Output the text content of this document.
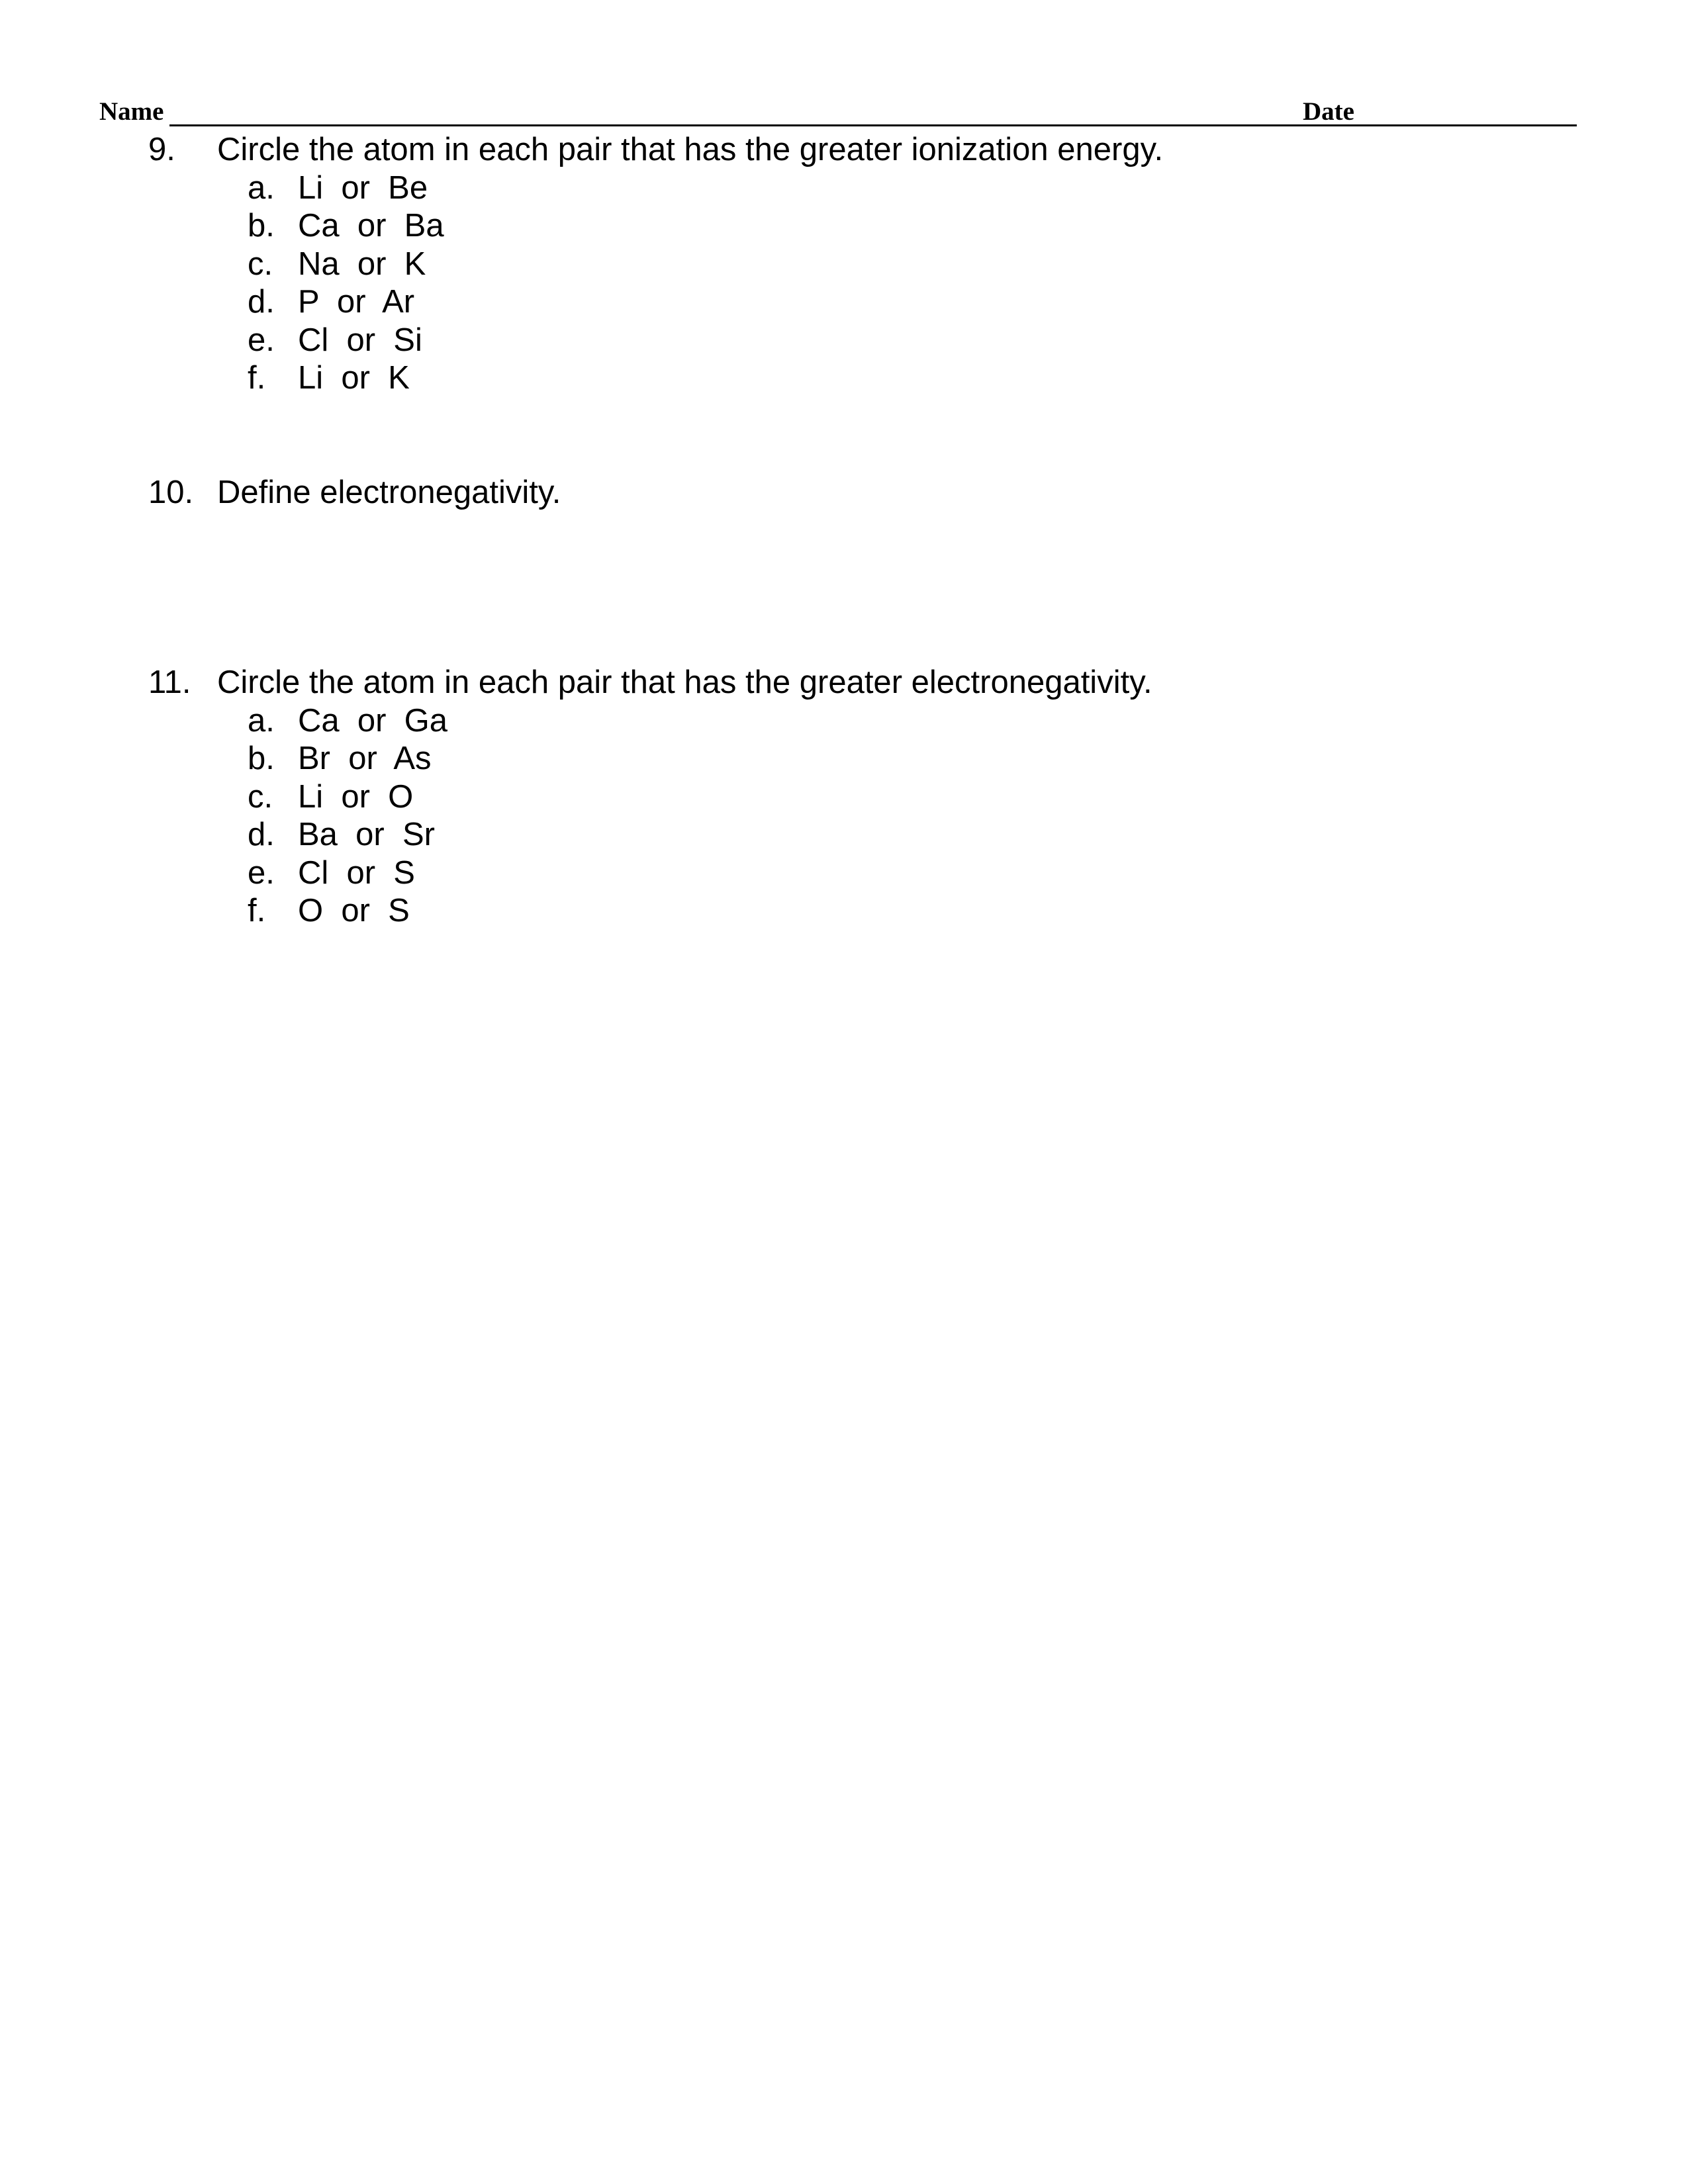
Name	Date
9. Circle the atom in each pair that has the greater ionization energy.
a. Li  or  Be
b. Ca  or  Ba
c. Na  or  K
d. P  or  Ar
e. Cl  or  Si
f. Li  or  K
10. Define electronegativity.
11. Circle the atom in each pair that has the greater electronegativity.
a. Ca  or  Ga
b. Br  or  As
c. Li  or  O
d. Ba  or  Sr
e. Cl  or  S
f. O  or  S
